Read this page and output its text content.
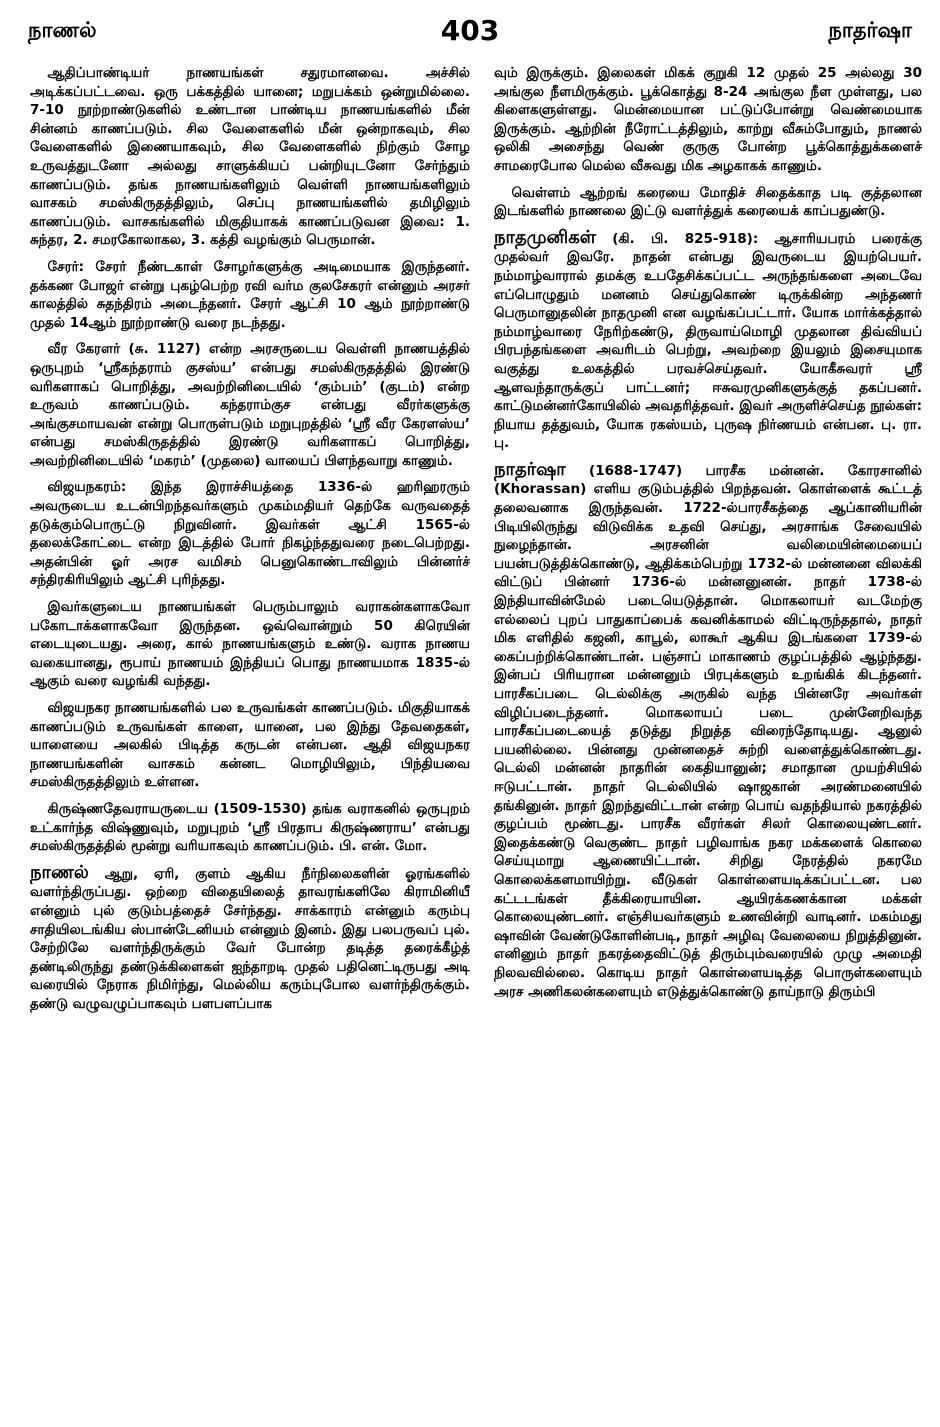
நாணல்	403	நாதர்ஷா

ஆதிப்பாண்டியர் நாணயங்கள் சதுரமானவை. அச்சில் அடிக்கப்பட்டவை. ஒரு பக்கத்தில் யானை; மறுபக்கம் ஒன்றுமில்லை. 7-10 நூற்றாண்டுகளில் உண்டான பாண்டிய நாணயங்களில் மீன் சின்னம் காணப்படும். சில வேளைகளில் மீன் ஒன்றாகவும், சில வேளைகளில் இணையாகவும், சில வேளைகளில் நிற்கும் சோழ உருவத்துடனோ அல்லது சாளுக்கியப் பன்றியுடனோ சேர்ந்தும் காணப்படும். தங்க நாணயங்களிலும் வெள்ளி நாணயங்களிலும் வாசகம் சமஸ்கிருதத்திலும், செப்பு நாணயங்களில் தமிழிலும் காணப்படும். வாசகங்களில் மிகுதியாகக் காணப்படுவன இவை: 1. சுந்தர, 2. சமரகோலாகல, 3. கத்தி வழங்கும் பெருமான்.

சேரர்: சேரர் நீண்டகாள் சோழர்களுக்கு அடிமையாக இருந்தனர். தக்கண போஜர் என்று புகழ்பெற்ற ரவி வர்ம குலசேகரர் என்னும் அரசர் காலத்தில் சுதந்திரம் அடைந்தனர். சேரர் ஆட்சி 10 ஆம் நூற்றாண்டு முதல் 14ஆம் நூற்றாண்டு வரை நடந்தது.

வீர கேரளர் (சு. 1127) என்ற அரசருடைய வெள்ளி நாணயத்தில் ஒருபுறம் ‘ஸ்ரீகந்தராம் குசஸ்ய’ என்பது சமஸ்கிருதத்தில் இரண்டு வரிகளாகப் பொறித்து, அவற்றினிடையில் ‘கும்பம்’ (குடம்) என்ற உருவம் காணப்படும். கந்தராம்குச என்பது வீரர்களுக்கு அங்குசமாயவன் என்று பொருள்படும் மறுபுறத்தில் ‘ஸ்ரீ வீர கேரளஸ்ய’ என்பது சமஸ்கிருதத்தில் இரண்டு வரிகளாகப் பொறித்து, அவற்றினிடையில் ‘மகரம்’ (முதலை) வாயைப் பிளந்தவாறு காணும்.

விஜயநகரம்: இந்த இராச்சியத்தை 1336-ல் ஹரிஹரரும் அவருடைய உடன்பிறந்தவர்களும் முகம்மதியர் தெற்கே வருவதைத் தடுக்கும்பொருட்டு நிறுவினர். இவர்கள் ஆட்சி 1565-ல் தலைக்கோட்டை என்ற இடத்தில் போர் நிகழ்ந்ததுவரை நடைபெற்றது. அதன்பின் ஓர் அரச வமிசம் பெனுகொண்டாவிலும் பின்னர்ச் சந்திரகிரியிலும் ஆட்சி புரிந்தது.

இவர்களுடைய நாணயங்கள் பெரும்பாலும் வராகன்களாகவோ பகோடாக்களாகவோ இருந்தன. ஒவ்வொன்றும் 50 கிரெயின் எடையுடையது. அரை, கால் நாணயங்களும் உண்டு. வராக நாணய வகையானது, ரூபாய் நாணயம் இந்தியப் பொது நாணயமாக 1835-ல் ஆகும் வரை வழங்கி வந்தது.

விஜயநகர நாணயங்களில் பல உருவங்கள் காணப்படும். மிகுதியாகக் காணப்படும் உருவங்கள் காளை, யானை, பல இந்து தேவதைகள், யாளையை அலகில் பிடித்த கருடன் என்பன. ஆதி விஜயநகர நாணயங்களின் வாசகம் கன்னட மொழியிலும், பிந்தியவை சமஸ்கிருதத்திலும் உள்ளன.

கிருஷ்ணதேவராயருடைய (1509-1530) தங்க வராகனில் ஒருபுறம் உட்கார்ந்த விஷ்ணுவும், மறுபுறம் ‘ஸ்ரீ பிரதாப கிருஷ்ணராய’ என்பது சமஸ்கிருதத்தில் மூன்று வரியாகவும் காணப்படும். பி. என். மோ.

நாணல் ஆறு, ஏரி, குளம் ஆகிய நீர்நிலைகளின் ஓரங்களில் வளர்ந்திருப்பது. ஒற்றை விதையிலைத் தாவரங்களிலே கிராமினியீ என்னும் புல் குடும்பத்தைச் சேர்ந்தது. சாக்காரம் என்னும் கரும்பு சாதியிலடங்கிய ஸ்பான்டேனியம் என்னும் இனம். இது பலபருவப் புல். சேற்றிலே வளர்ந்திருக்கும் வேர் போன்ற தடித்த தரைக்கீழ்த் தண்டிலிருந்து தண்டுக்கிளைகள் ஐந்தாறடி முதல் பதினெட்டிருபது அடி வரையில் நேராக நிமிர்ந்து, மெல்லிய கரும்புபோல வளர்ந்திருக்கும். தண்டு வழுவழுப்பாகவும் பளபளப்பாக

வும் இருக்கும். இலைகள் மிகக் குறுகி 12 முதல் 25 அல்லது 30 அங்குல நீளமிருக்கும். பூக்கொத்து 8-24 அங்குல நீள முள்ளது, பல கிளைகளுள்ளது. மென்மையான பட்டுப்போன்று வெண்மையாக இருக்கும். ஆற்றின் நீரோட்டத்திலும், காற்று வீசும்போதும், நாணல் ஒலிகி அசைந்து வெண் குருகு போன்ற பூக்கொத்துக்களைச் சாமரைபோல மெல்ல வீசுவது மிக அழகாகக் காணும்.

வெள்ளம் ஆற்றங் கரையை மோதிச் சிதைக்காத படி குத்தலான இடங்களில் நாணலை இட்டு வளர்த்துக் கரையைக் காப்பதுண்டு.

நாதமுனிகள் (கி. பி. 825-918): ஆசாரியபரம் பரைக்கு முதல்வர் இவரே. நாதன் என்பது இவருடைய இயற்பெயர். நம்மாழ்வாரால் தமக்கு உபதேசிக்கப்பட்ட அருந்தங்களை அடைவே எப்பொழுதும் மனனம் செய்துகொண் டிருக்கின்ற அந்தணர் பெருமானுதலின் நாதமுனி என வழங்கப்பட்டார். யோக மார்க்கத்தால் நம்மாழ்வாரை நேரிற்கண்டு, திருவாய்மொழி முதலான திவ்வியப் பிரபந்தங்களை அவரிடம் பெற்று, அவற்றை இயலும் இசையுமாக வகுத்து உலகத்தில் பரவச்செய்தவர். யோகீசுவரர் ஸ்ரீ ஆளவந்தாருக்குப் பாட்டனர்; ஈசுவரமுனிகளுக்குத் தகப்பனர். காட்டுமன்னர்கோயிலில் அவதரித்தவர். இவர் அருளிச்செய்த நூல்கள்: நியாய தத்துவம், யோக ரகஸ்யம், புருஷ நிர்ணயம் என்பன. பு. ரா. பு.

நாதர்ஷா (1688-1747) பாரசீக மன்னன். கோரசானில் (Khorassan) எளிய குடும்பத்தில் பிறந்தவன். கொள்ளைக் கூட்டத் தலைவனாக இருந்தவன். 1722-ல்பாரசீகத்தை ஆப்கானியரின் பிடியிலிருந்து விடுவிக்க உதவி செய்து, அரசாங்க சேவையில் நுழைந்தான். அரசனின் வலிமையின்மையைப் பயன்படுத்திக்கொண்டு, ஆதிக்கம்பெற்று 1732-ல் மன்னனை விலக்கி விட்டுப் பின்னர் 1736-ல் மன்னனுனன். நாதர் 1738-ல் இந்தியாவின்மேல் படையெடுத்தான். மொகலாயர் வடமேற்கு எல்லைப் புறப் பாதுகாப்பைக் கவனிக்காமல் விட்டிருந்ததால், நாதர் மிக எளிதில் கஜனி, காபூல், லாகூர் ஆகிய இடங்களை 1739-ல் கைப்பற்றிக்கொண்டான். பஞ்சாப் மாகாணம் குழப்பத்தில் ஆழ்ந்தது. இன்பப் பிரியரான மன்னனும் பிரபுக்களும் உறங்கிக் கிடந்தனர். பாரசீகப்படை டெல்லிக்கு அருகில் வந்த பின்னரே அவர்கள் விழிப்படைந்தனர். மொகலாயப் படை முன்னேறிவந்த பாரசீகப்படையைத் தடுத்து நிறுத்த விரைந்தோடியது. ஆனுல் பயனில்லை. பின்னது முன்னதைச் சுற்றி வளைத்துக்கொண்டது. டெல்லி மன்னன் நாதரின் கைதியானுன்; சமாதான முயற்சியில் ஈடுபட்டான். நாதர் டெல்லியில் ஷாஜகான் அரண்மனையில் தங்கினுன். நாதர் இறந்துவிட்டான் என்ற பொய் வதந்தியால் நகரத்தில் குழப்பம் மூண்டது. பாரசீக வீரர்கள் சிலர் கொலையுண்டனர். இதைக்கண்டு வெகுண்ட நாதர் பழிவாங்க நகர மக்களைக் கொலை செய்யுமாறு ஆணையிட்டான். சிறிது நேரத்தில் நகரமே கொலைக்களமாயிற்று. வீடுகள் கொள்ளையடிக்கப்பட்டன. பல கட்டடங்கள் தீக்கிரையாயின. ஆயிரக்கணக்கான மக்கள் கொலையுண்டனர். எஞ்சியவர்களும் உணவின்றி வாடினர். மகம்மது ஷாவின் வேண்டுகோளின்படி, நாதர் அழிவு வேலையை நிறுத்தினுன். எனினும் நாதர் நகரத்தைவிட்டுத் திரும்பும்வரையில் முழு அமைதி நிலவவில்லை. கொடிய நாதர் கொள்ளையடித்த பொருள்களையும் அரச அணிகலன்களையும் எடுத்துக்கொண்டு தாய்நாடு திரும்பி
